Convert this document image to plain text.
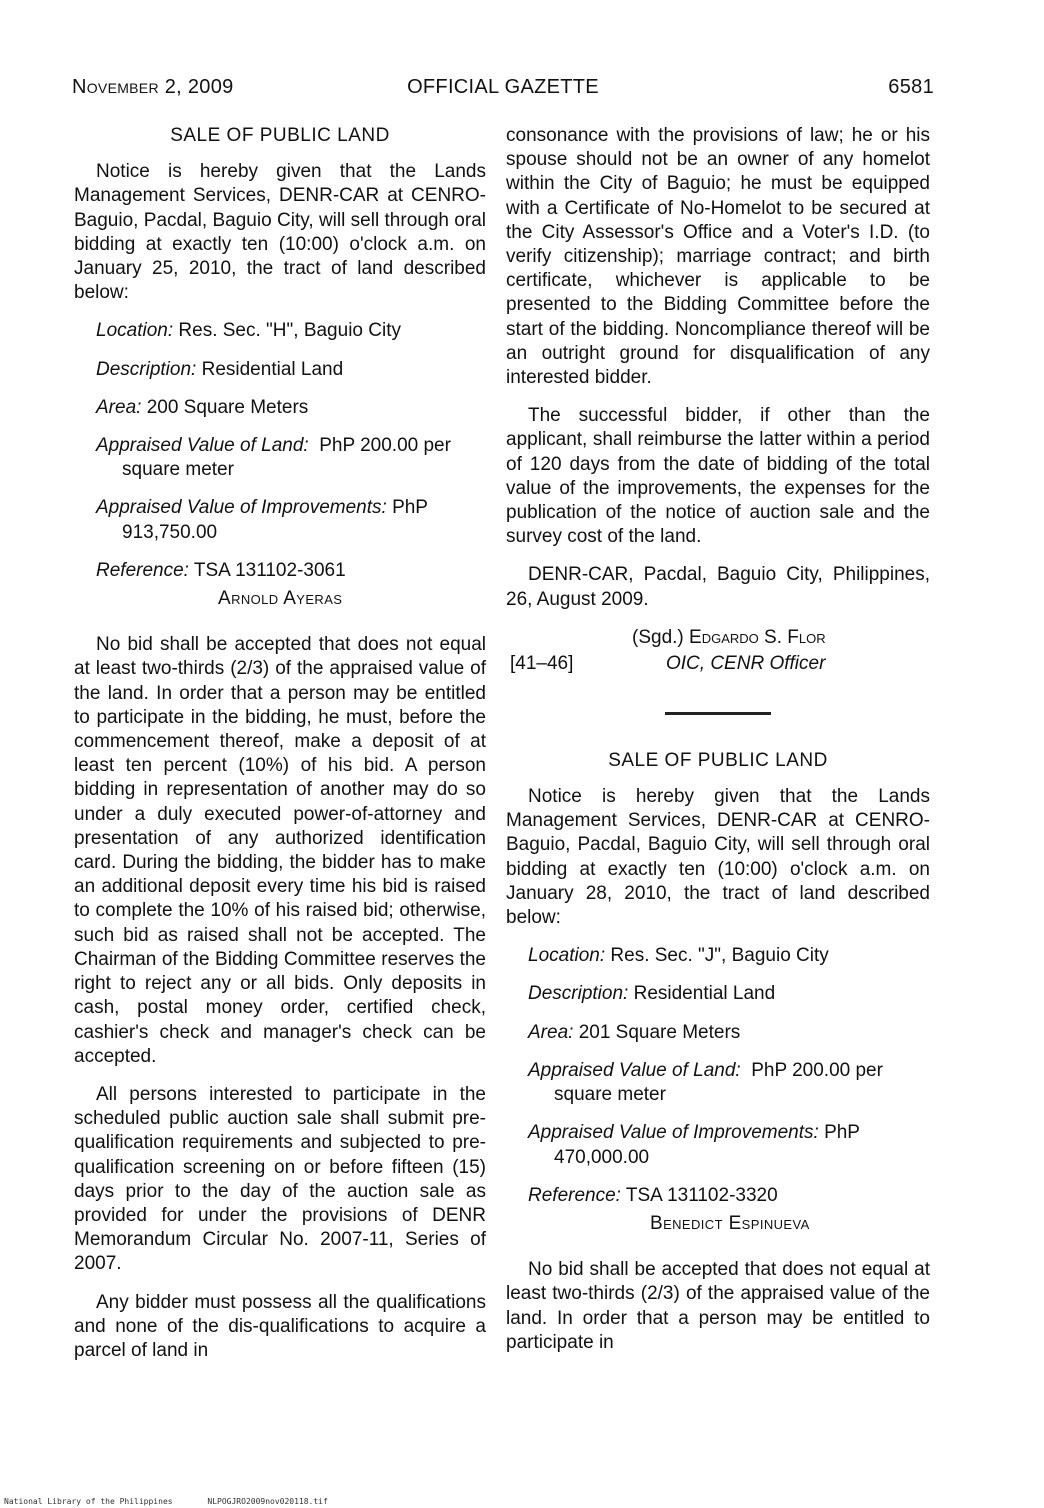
November 2, 2009	OFFICIAL GAZETTE	6581

SALE OF PUBLIC LAND

Notice is hereby given that the Lands Management Services, DENR-CAR at CENRO-Baguio, Pacdal, Baguio City, will sell through oral bidding at exactly ten (10:00) o'clock a.m. on January 25, 2010, the tract of land described below:

Location: Res. Sec. "H", Baguio City

Description: Residential Land

Area: 200 Square Meters

Appraised Value of Land: PhP 200.00 per square meter

Appraised Value of Improvements: PhP 913,750.00

Reference: TSA 131102-3061

Arnold Ayeras

No bid shall be accepted that does not equal at least two-thirds (2/3) of the appraised value of the land. In order that a person may be entitled to participate in the bidding, he must, before the commencement thereof, make a deposit of at least ten percent (10%) of his bid. A person bidding in representation of another may do so under a duly executed power-of-attorney and presentation of any authorized identification card. During the bidding, the bidder has to make an additional deposit every time his bid is raised to complete the 10% of his raised bid; otherwise, such bid as raised shall not be accepted. The Chairman of the Bidding Committee reserves the right to reject any or all bids. Only deposits in cash, postal money order, certified check, cashier's check and manager's check can be accepted.

All persons interested to participate in the scheduled public auction sale shall submit pre-qualification requirements and subjected to pre-qualification screening on or before fifteen (15) days prior to the day of the auction sale as provided for under the provisions of DENR Memorandum Circular No. 2007-11, Series of 2007.

Any bidder must possess all the qualifications and none of the dis-qualifications to acquire a parcel of land in

consonance with the provisions of law; he or his spouse should not be an owner of any homelot within the City of Baguio; he must be equipped with a Certificate of No-Homelot to be secured at the City Assessor's Office and a Voter's I.D. (to verify citizenship); marriage contract; and birth certificate, whichever is applicable to be presented to the Bidding Committee before the start of the bidding. Noncompliance thereof will be an outright ground for disqualification of any interested bidder.

The successful bidder, if other than the applicant, shall reimburse the latter within a period of 120 days from the date of bidding of the total value of the improvements, the expenses for the publication of the notice of auction sale and the survey cost of the land.

DENR-CAR, Pacdal, Baguio City, Philippines, 26, August 2009.

(Sgd.) Edgardo S. Flor
[41–46]	OIC, CENR Officer

SALE OF PUBLIC LAND

Notice is hereby given that the Lands Management Services, DENR-CAR at CENRO-Baguio, Pacdal, Baguio City, will sell through oral bidding at exactly ten (10:00) o'clock a.m. on January 28, 2010, the tract of land described below:

Location: Res. Sec. "J", Baguio City

Description: Residential Land

Area: 201 Square Meters

Appraised Value of Land: PhP 200.00 per square meter

Appraised Value of Improvements: PhP 470,000.00

Reference: TSA 131102-3320

Benedict Espinueva

No bid shall be accepted that does not equal at least two-thirds (2/3) of the appraised value of the land. In order that a person may be entitled to participate in

National Library of the Philippines	NLPOGJRO2009nov020118.tif
